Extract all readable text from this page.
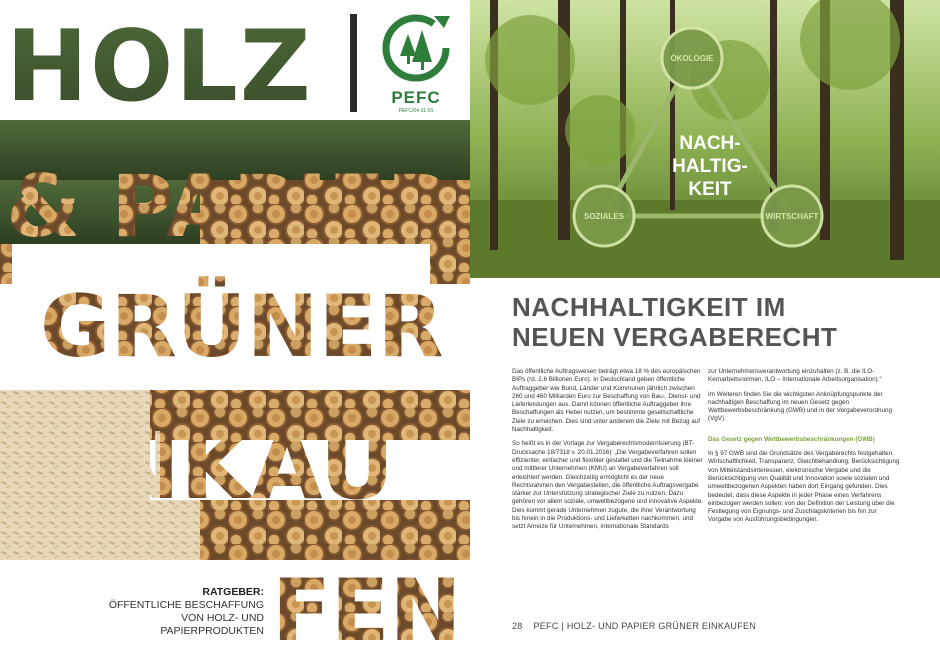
PEFC
PEFC/04-31-01
RATGEBER:
ÖFFENTLICHE BESCHAFFUNG
VON HOLZ- UND
PAPIERPRODUKTEN
ÖKOLOGIE
SOZIALES	WIRTSCHAFT
NACH-
HALTIG-
KEIT
NACHHALTIGKEIT IM
NEUEN VERGABERECHT

Das öffentliche Auftragswesen beträgt etwa 18 % des europäischen BIPs (rd. 2,6 Billionen Euro). In Deutschland geben öffentliche Auftraggeber wie Bund, Länder und Kommunen jährlich zwischen 260 und 460 Milliarden Euro zur Beschaffung von Bau-, Dienst- und Lieferleistungen aus. Damit können öffentliche Auftraggeber ihre Beschaffungen als Hebel nutzen, um bestimmte gesellschaftliche Ziele zu erreichen. Dies sind unter anderem die Ziele mit Bezug auf Nachhaltigkeit.

So heißt es in der Vorlage zur Vergaberechtsmodernisierung (BT-Drucksache 18/7318 v. 20.01.2016): „Die Vergabeverfahren sollen effizienter, einfacher und flexibler gestaltet und die Teilnahme kleiner und mittlerer Unternehmen (KMU) an Vergabeverfahren soll erleichtert werden. Gleichzeitig ermöglicht es der neue Rechtsrahmen den Vergabestellen, die öffentliche Auftragsvergabe stärker zur Unterstützung strategischer Ziele zu nutzen. Dazu gehören vor allem soziale, umweltbezogene und innovative Aspekte. Dies kommt gerade Unternehmen zugute, die ihrer Verantwortung bis hinein in die Produktions- und Lieferketten nachkommen, und setzt Anreize für Unternehmen, internationale Standards

zur Unternehmensverantwortung einzuhalten (z. B. die ILO-Kernarbeitsnormen, ILO – Internationale Arbeitsorganisation).“

Im Weiteren finden Sie die wichtigsten Anknüpfungspunkte der nachhaltigen Beschaffung im neuen Gesetz gegen Wettbewerbsbeschränkung (GWB) und in der Vergabeverordnung (VgV).

Das Gesetz gegen Wettbewerbsbeschränkungen (GWB)

In § 97 GWB sind die Grundsätze des Vergaberechts festgehalten. Wirtschaftlichkeit, Transparenz, Gleichbehandlung, Berücksichtigung von Mittelstandsinteressen, elektronische Vergabe und die Berücksichtigung von Qualität und Innovation sowie sozialen und umweltbezogenen Aspekten haben dort Eingang gefunden. Dies bedeutet, dass diese Aspekte in jeder Phase eines Verfahrens einbezogen werden sollen: von der Definition der Leistung über die Festlegung von Eignungs- und Zuschlagskriterien bis hin zur Vorgabe von Ausführungsbedingungen.

28 PEFC | HOLZ- UND PAPIER GRÜNER EINKAUFEN
